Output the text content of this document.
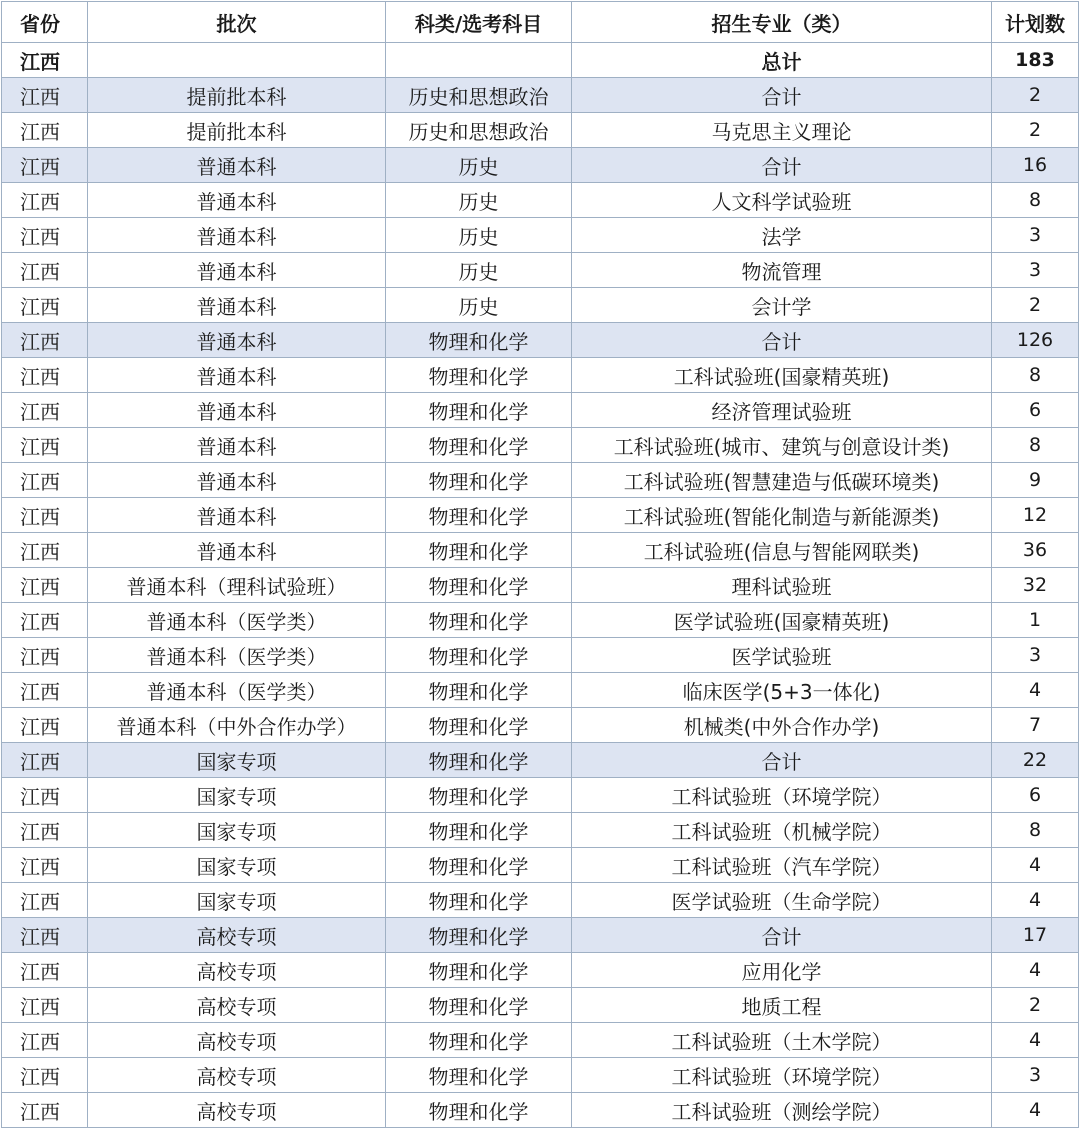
省份	批次	科类/选考科目	招生专业（类）	计划数
江西			总计	183
江西	提前批本科	历史和思想政治	合计	2
江西	提前批本科	历史和思想政治	马克思主义理论	2
江西	普通本科	历史	合计	16
江西	普通本科	历史	人文科学试验班	8
江西	普通本科	历史	法学	3
江西	普通本科	历史	物流管理	3
江西	普通本科	历史	会计学	2
江西	普通本科	物理和化学	合计	126
江西	普通本科	物理和化学	工科试验班(国豪精英班)	8
江西	普通本科	物理和化学	经济管理试验班	6
江西	普通本科	物理和化学	工科试验班(城市、建筑与创意设计类)	8
江西	普通本科	物理和化学	工科试验班(智慧建造与低碳环境类)	9
江西	普通本科	物理和化学	工科试验班(智能化制造与新能源类)	12
江西	普通本科	物理和化学	工科试验班(信息与智能网联类)	36
江西	普通本科（理科试验班）	物理和化学	理科试验班	32
江西	普通本科（医学类）	物理和化学	医学试验班(国豪精英班)	1
江西	普通本科（医学类）	物理和化学	医学试验班	3
江西	普通本科（医学类）	物理和化学	临床医学(5+3一体化)	4
江西	普通本科（中外合作办学）	物理和化学	机械类(中外合作办学)	7
江西	国家专项	物理和化学	合计	22
江西	国家专项	物理和化学	工科试验班（环境学院）	6
江西	国家专项	物理和化学	工科试验班（机械学院）	8
江西	国家专项	物理和化学	工科试验班（汽车学院）	4
江西	国家专项	物理和化学	医学试验班（生命学院）	4
江西	高校专项	物理和化学	合计	17
江西	高校专项	物理和化学	应用化学	4
江西	高校专项	物理和化学	地质工程	2
江西	高校专项	物理和化学	工科试验班（土木学院）	4
江西	高校专项	物理和化学	工科试验班（环境学院）	3
江西	高校专项	物理和化学	工科试验班（测绘学院）	4
